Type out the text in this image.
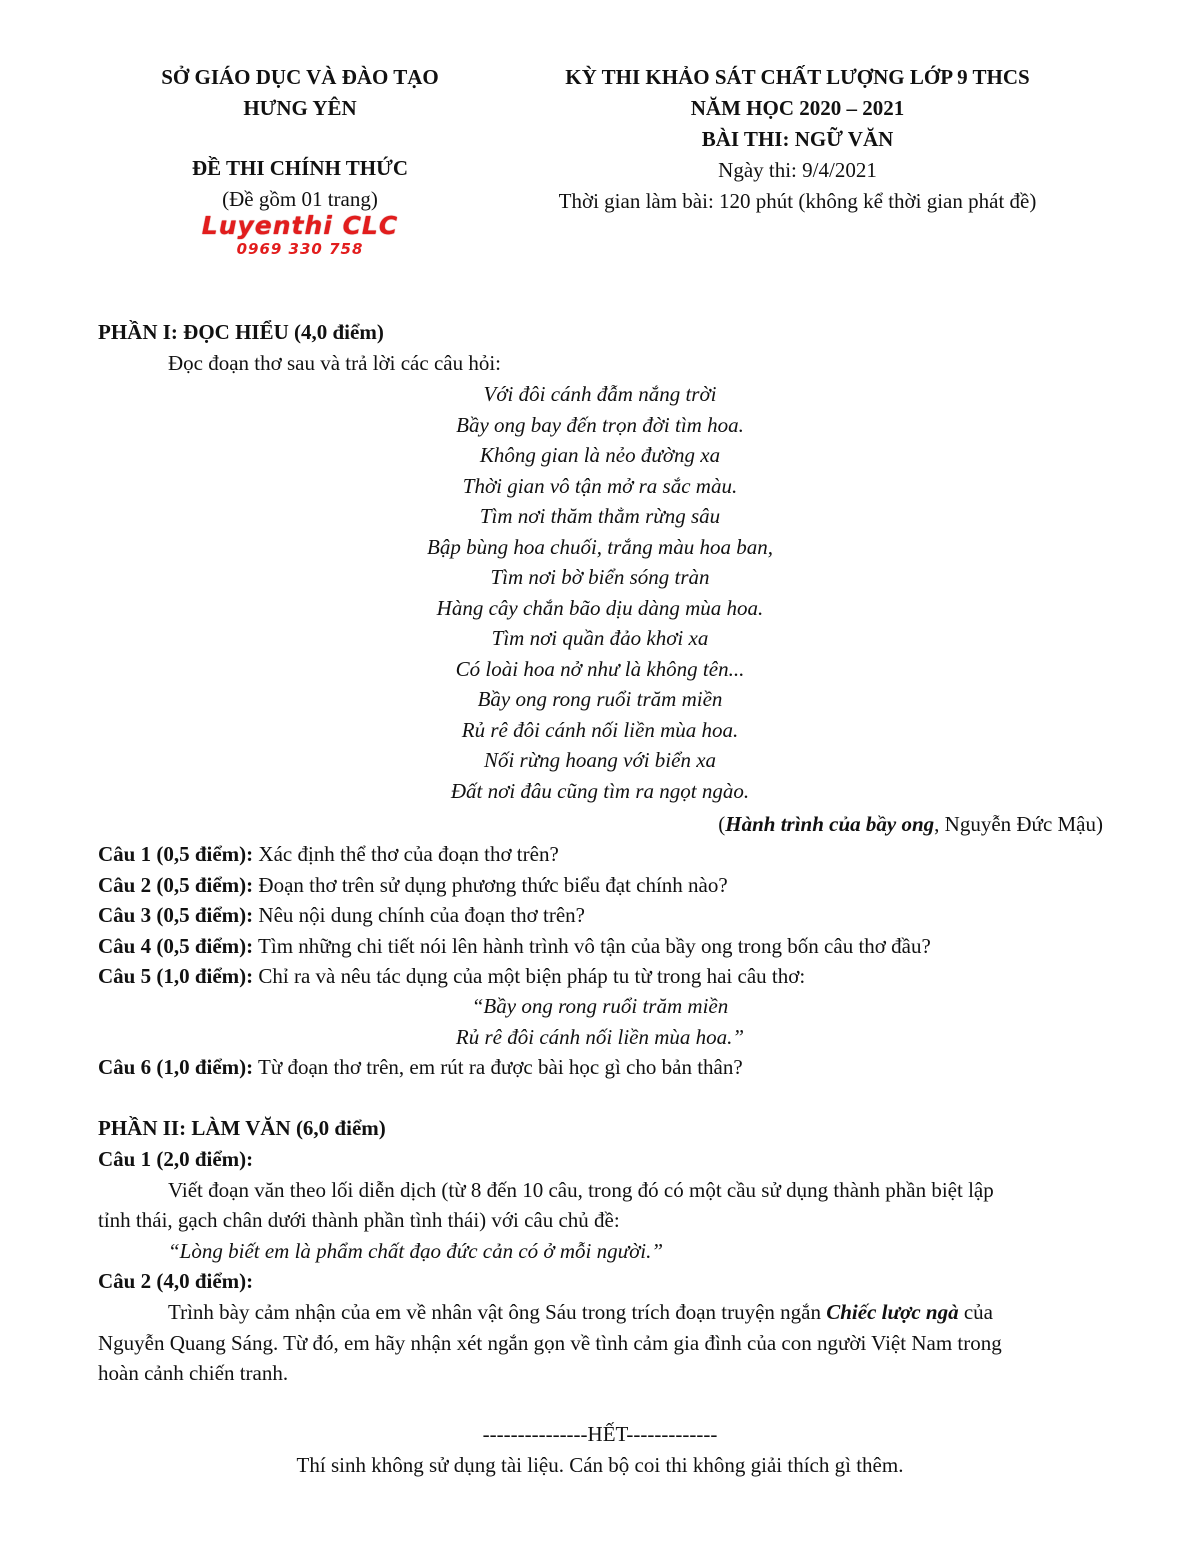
SỞ GIÁO DỤC VÀ ĐÀO TẠO
HƯNG YÊN
ĐỀ THI CHÍNH THỨC
(Đề gồm 01 trang)
KỲ THI KHẢO SÁT CHẤT LƯỢNG LỚP 9 THCS
NĂM HỌC 2020 – 2021
BÀI THI: NGỮ VĂN
Ngày thi: 9/4/2021
Thời gian làm bài: 120 phút (không kể thời gian phát đề)
Luyenthi CLC
0969 330 758
PHẦN I: ĐỌC HIỂU (4,0 điểm)
Đọc đoạn thơ sau và trả lời các câu hỏi:
Với đôi cánh đẫm nắng trời
Bầy ong bay đến trọn đời tìm hoa.
Không gian là nẻo đường xa
Thời gian vô tận mở ra sắc màu.
Tìm nơi thăm thẳm rừng sâu
Bập bùng hoa chuối, trắng màu hoa ban,
Tìm nơi bờ biển sóng tràn
Hàng cây chắn bão dịu dàng mùa hoa.
Tìm nơi quần đảo khơi xa
Có loài hoa nở như là không tên...
Bầy ong rong ruổi trăm miền
Rủ rê đôi cánh nối liền mùa hoa.
Nối rừng hoang với biển xa
Đất nơi đâu cũng tìm ra ngọt ngào.
(Hành trình của bầy ong, Nguyễn Đức Mậu)
Câu 1 (0,5 điểm): Xác định thể thơ của đoạn thơ trên?
Câu 2 (0,5 điểm): Đoạn thơ trên sử dụng phương thức biểu đạt chính nào?
Câu 3 (0,5 điểm): Nêu nội dung chính của đoạn thơ trên?
Câu 4 (0,5 điểm): Tìm những chi tiết nói lên hành trình vô tận của bầy ong trong bốn câu thơ đầu?
Câu 5 (1,0 điểm): Chỉ ra và nêu tác dụng của một biện pháp tu từ trong hai câu thơ:
“Bầy ong rong ruổi trăm miền
Rủ rê đôi cánh nối liền mùa hoa.”
Câu 6 (1,0 điểm): Từ đoạn thơ trên, em rút ra được bài học gì cho bản thân?
PHẦN II: LÀM VĂN (6,0 điểm)
Câu 1 (2,0 điểm):
Viết đoạn văn theo lối diễn dịch (từ 8 đến 10 câu, trong đó có một cầu sử dụng thành phần biệt lập
tỉnh thái, gạch chân dưới thành phần tình thái) với câu chủ đề:
“Lòng biết em là phẩm chất đạo đức cản có ở mỗi người.”
Câu 2 (4,0 điểm):
Trình bày cảm nhận của em về nhân vật ông Sáu trong trích đoạn truyện ngắn Chiếc lược ngà của
Nguyễn Quang Sáng. Từ đó, em hãy nhận xét ngắn gọn về tình cảm gia đình của con người Việt Nam trong
hoàn cảnh chiến tranh.
---------------HẾT-------------
Thí sinh không sử dụng tài liệu. Cán bộ coi thi không giải thích gì thêm.
